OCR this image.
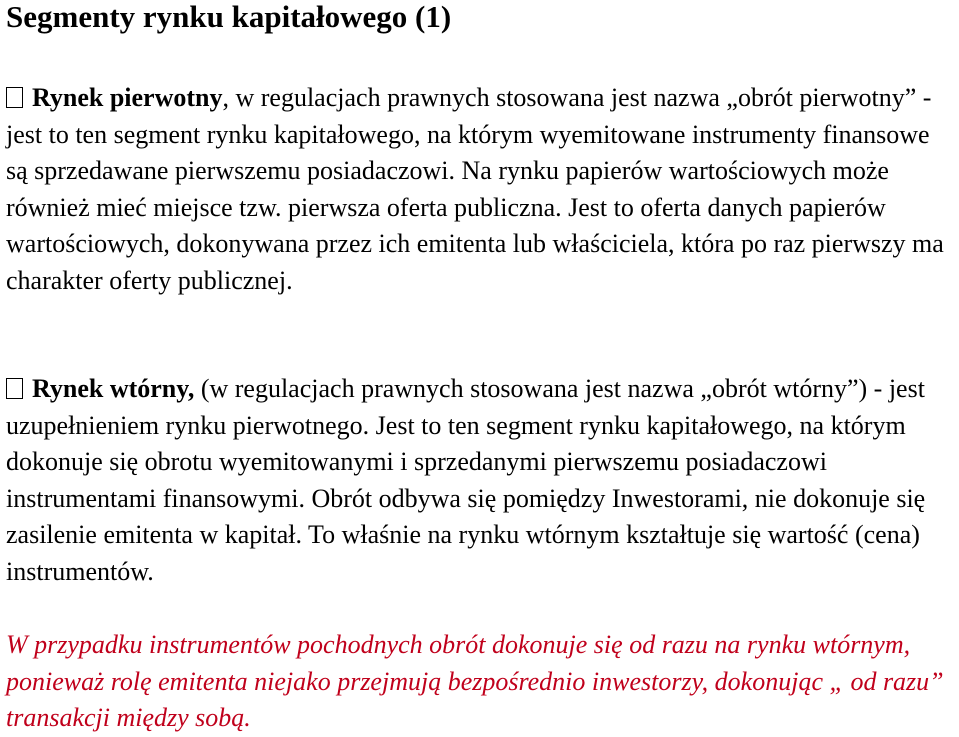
Segmenty rynku kapitałowego (1)

Rynek pierwotny, w regulacjach prawnych stosowana jest nazwa „obrót pierwotny” - jest to ten segment rynku kapitałowego, na którym wyemitowane instrumenty finansowe są sprzedawane pierwszemu posiadaczowi. Na rynku papierów wartościowych może również mieć miejsce tzw. pierwsza oferta publiczna. Jest to oferta danych papierów wartościowych, dokonywana przez ich emitenta lub właściciela, która po raz pierwszy ma charakter oferty publicznej.

Rynek wtórny, (w regulacjach prawnych stosowana jest nazwa „obrót wtórny”) - jest uzupełnieniem rynku pierwotnego. Jest to ten segment rynku kapitałowego, na którym dokonuje się obrotu wyemitowanymi i sprzedanymi pierwszemu posiadaczowi instrumentami finansowymi. Obrót odbywa się pomiędzy Inwestorami, nie dokonuje się zasilenie emitenta w kapitał. To właśnie na rynku wtórnym kształtuje się wartość (cena) instrumentów.

W przypadku instrumentów pochodnych obrót dokonuje się od razu na rynku wtórnym, ponieważ rolę emitenta niejako przejmują bezpośrednio inwestorzy, dokonując „ od razu” transakcji między sobą.
